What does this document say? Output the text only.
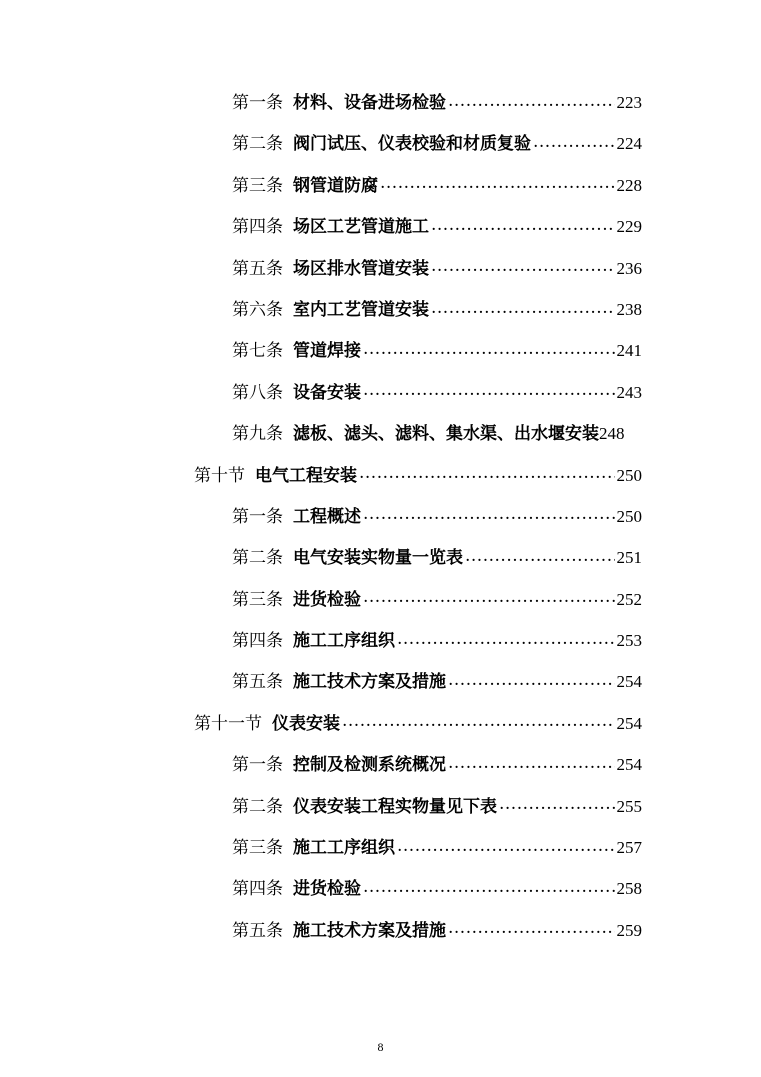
第一条 材料、设备进场检验 .....	223
第二条 阀门试压、仪表校验和材质复验 .....	224
第三条 钢管道防腐 .....	228
第四条 场区工艺管道施工 .....	229
第五条 场区排水管道安装 .....	236
第六条 室内工艺管道安装 .....	238
第七条 管道焊接 .....	241
第八条 设备安装 .....	243
第九条 滤板、滤头、滤料、集水渠、出水堰安装 248
第十节 电气工程安装 .....	250
第一条 工程概述 .....	250
第二条 电气安装实物量一览表 .....	251
第三条 进货检验 .....	252
第四条 施工工序组织 .....	253
第五条 施工技术方案及措施 .....	254
第十一节 仪表安装 .....	254
第一条 控制及检测系统概况 .....	254
第二条 仪表安装工程实物量见下表 .....	255
第三条 施工工序组织 .....	257
第四条 进货检验 .....	258
第五条 施工技术方案及措施 .....	259
8
